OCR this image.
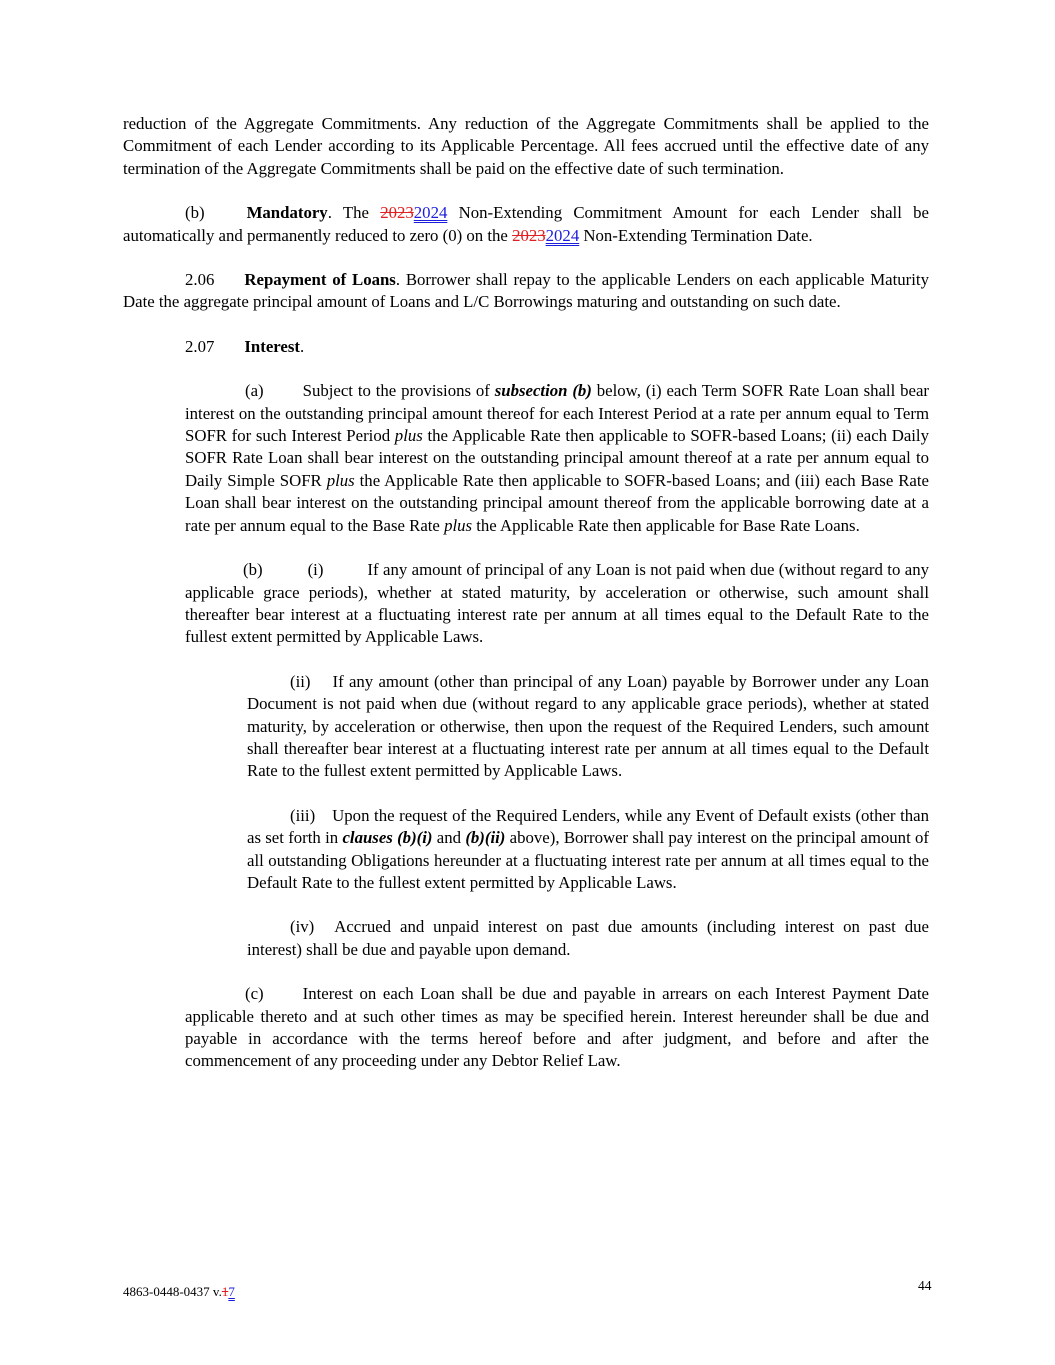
reduction of the Aggregate Commitments. Any reduction of the Aggregate Commitments shall be applied to the Commitment of each Lender according to its Applicable Percentage. All fees accrued until the effective date of any termination of the Aggregate Commitments shall be paid on the effective date of such termination.

(b)	Mandatory. The 20232024 Non-Extending Commitment Amount for each Lender shall be automatically and permanently reduced to zero (0) on the 20232024 Non-Extending Termination Date.

2.06 Repayment of Loans. Borrower shall repay to the applicable Lenders on each applicable Maturity Date the aggregate principal amount of Loans and L/C Borrowings maturing and outstanding on such date.

2.07 Interest.

(a) Subject to the provisions of subsection (b) below, (i) each Term SOFR Rate Loan shall bear interest on the outstanding principal amount thereof for each Interest Period at a rate per annum equal to Term SOFR for such Interest Period plus the Applicable Rate then applicable to SOFR-based Loans; (ii) each Daily SOFR Rate Loan shall bear interest on the outstanding principal amount thereof at a rate per annum equal to Daily Simple SOFR plus the Applicable Rate then applicable to SOFR-based Loans; and (iii) each Base Rate Loan shall bear interest on the outstanding principal amount thereof from the applicable borrowing date at a rate per annum equal to the Base Rate plus the Applicable Rate then applicable for Base Rate Loans.

(b)	(i)	If any amount of principal of any Loan is not paid when due (without regard to any applicable grace periods), whether at stated maturity, by acceleration or otherwise, such amount shall thereafter bear interest at a fluctuating interest rate per annum at all times equal to the Default Rate to the fullest extent permitted by Applicable Laws.

(ii) If any amount (other than principal of any Loan) payable by Borrower under any Loan Document is not paid when due (without regard to any applicable grace periods), whether at stated maturity, by acceleration or otherwise, then upon the request of the Required Lenders, such amount shall thereafter bear interest at a fluctuating interest rate per annum at all times equal to the Default Rate to the fullest extent permitted by Applicable Laws.

(iii) Upon the request of the Required Lenders, while any Event of Default exists (other than as set forth in clauses (b)(i) and (b)(ii) above), Borrower shall pay interest on the principal amount of all outstanding Obligations hereunder at a fluctuating interest rate per annum at all times equal to the Default Rate to the fullest extent permitted by Applicable Laws.

(iv) Accrued and unpaid interest on past due amounts (including interest on past due interest) shall be due and payable upon demand.

(c) Interest on each Loan shall be due and payable in arrears on each Interest Payment Date applicable thereto and at such other times as may be specified herein. Interest hereunder shall be due and payable in accordance with the terms hereof before and after judgment, and before and after the commencement of any proceeding under any Debtor Relief Law.

4863-0448-0437 v.17	44
